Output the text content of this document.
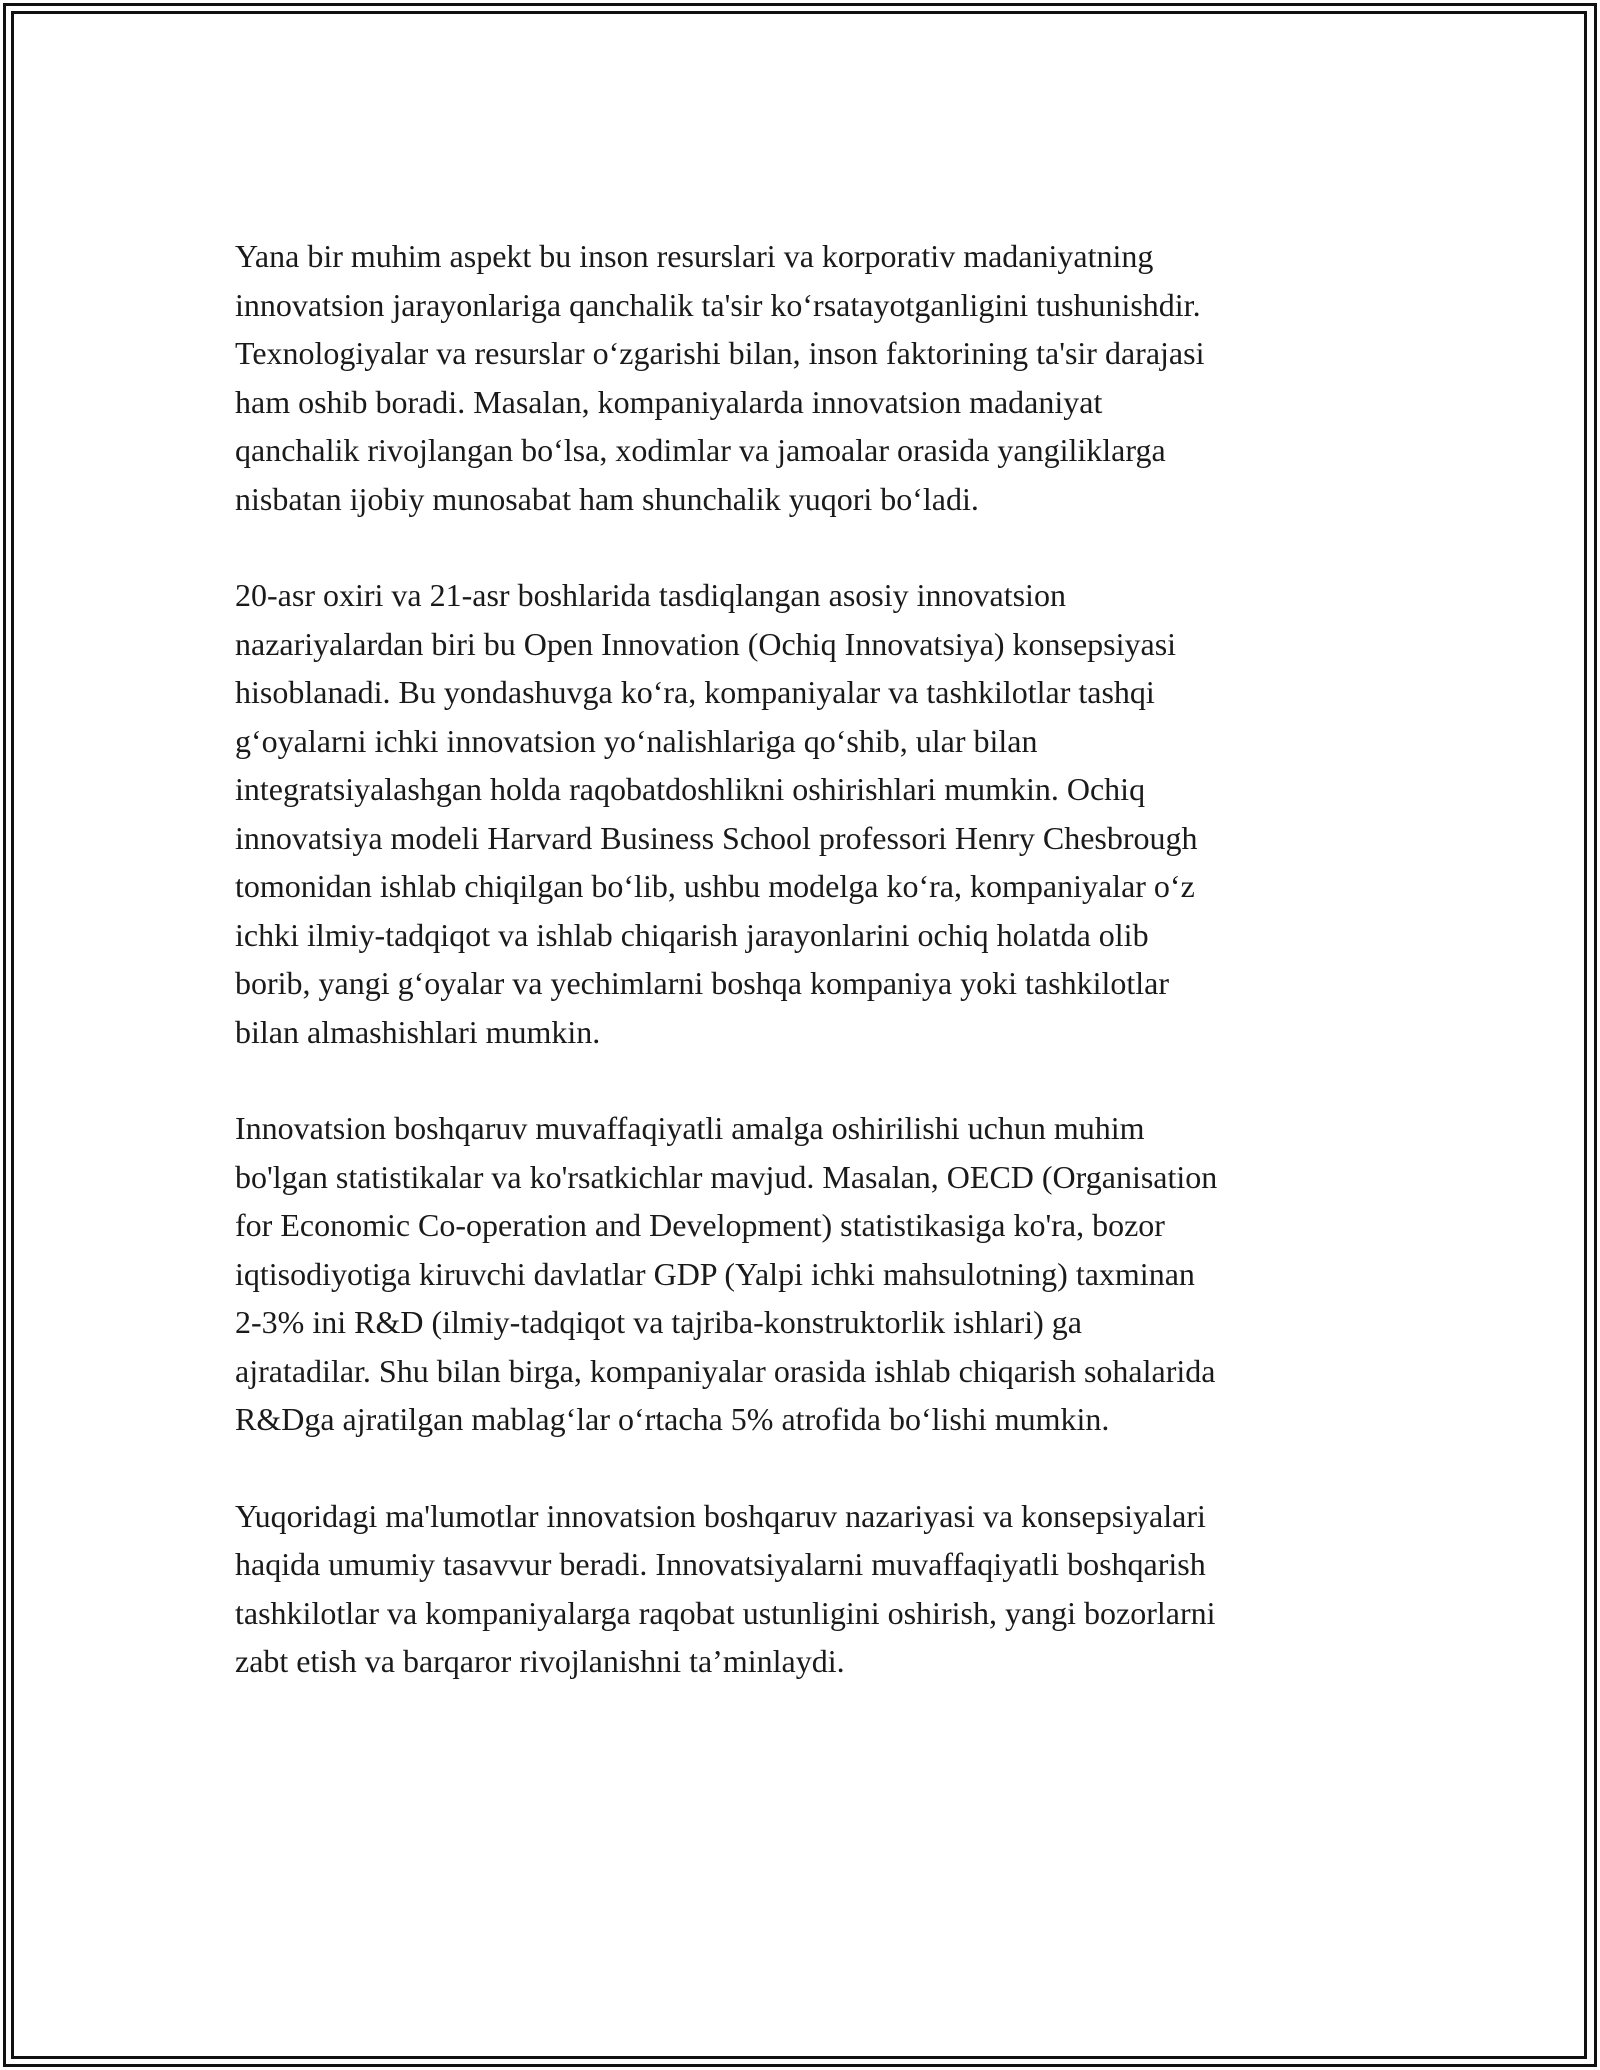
Yana bir muhim aspekt bu inson resurslari va korporativ madaniyatning
innovatsion jarayonlariga qanchalik ta'sir ko‘rsatayotganligini tushunishdir.
Texnologiyalar va resurslar o‘zgarishi bilan, inson faktorining ta'sir darajasi
ham oshib boradi. Masalan, kompaniyalarda innovatsion madaniyat
qanchalik rivojlangan bo‘lsa, xodimlar va jamoalar orasida yangiliklarga
nisbatan ijobiy munosabat ham shunchalik yuqori bo‘ladi.

20-asr oxiri va 21-asr boshlarida tasdiqlangan asosiy innovatsion
nazariyalardan biri bu Open Innovation (Ochiq Innovatsiya) konsepsiyasi
hisoblanadi. Bu yondashuvga ko‘ra, kompaniyalar va tashkilotlar tashqi
g‘oyalarni ichki innovatsion yo‘nalishlariga qo‘shib, ular bilan
integratsiyalashgan holda raqobatdoshlikni oshirishlari mumkin. Ochiq
innovatsiya modeli Harvard Business School professori Henry Chesbrough
tomonidan ishlab chiqilgan bo‘lib, ushbu modelga ko‘ra, kompaniyalar o‘z
ichki ilmiy-tadqiqot va ishlab chiqarish jarayonlarini ochiq holatda olib
borib, yangi g‘oyalar va yechimlarni boshqa kompaniya yoki tashkilotlar
bilan almashishlari mumkin.

Innovatsion boshqaruv muvaffaqiyatli amalga oshirilishi uchun muhim
bo'lgan statistikalar va ko'rsatkichlar mavjud. Masalan, OECD (Organisation
for Economic Co-operation and Development) statistikasiga ko'ra, bozor
iqtisodiyotiga kiruvchi davlatlar GDP (Yalpi ichki mahsulotning) taxminan
2-3% ini R&D (ilmiy-tadqiqot va tajriba-konstruktorlik ishlari) ga
ajratadilar. Shu bilan birga, kompaniyalar orasida ishlab chiqarish sohalarida
R&Dga ajratilgan mablag‘lar o‘rtacha 5% atrofida bo‘lishi mumkin.

Yuqoridagi ma'lumotlar innovatsion boshqaruv nazariyasi va konsepsiyalari
haqida umumiy tasavvur beradi. Innovatsiyalarni muvaffaqiyatli boshqarish
tashkilotlar va kompaniyalarga raqobat ustunligini oshirish, yangi bozorlarni
zabt etish va barqaror rivojlanishni ta’minlaydi.
